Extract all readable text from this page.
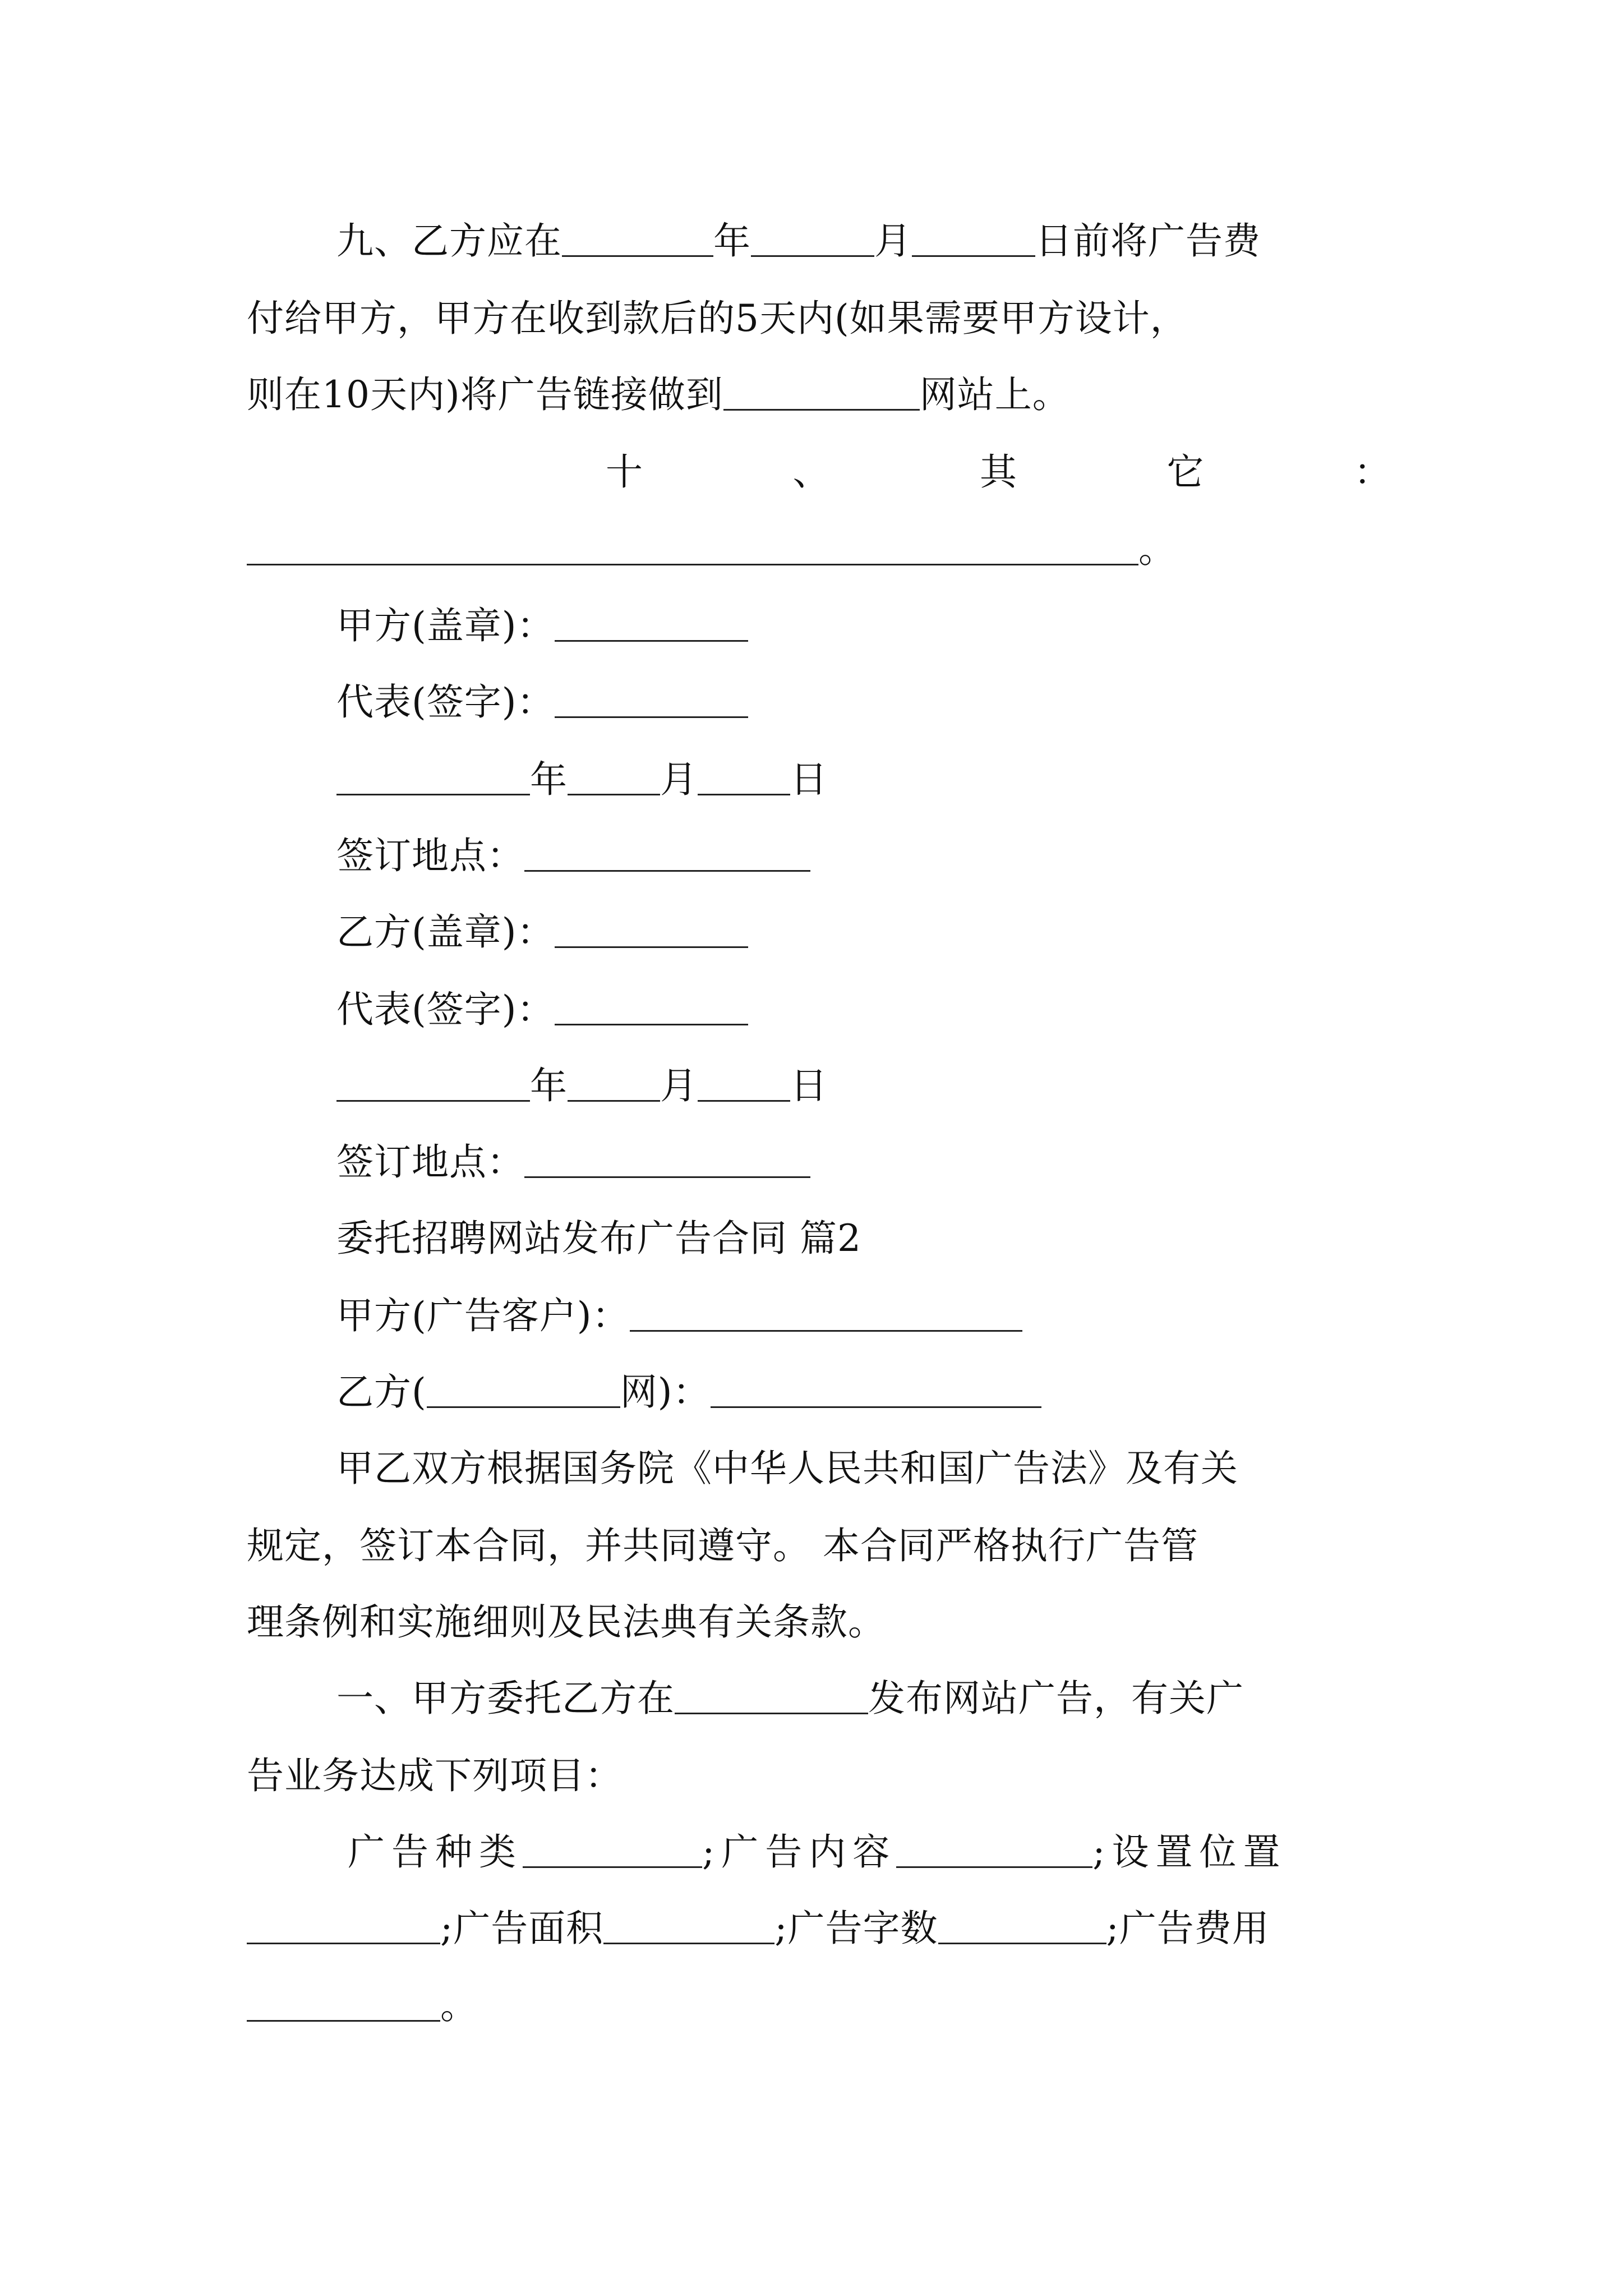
九、乙方应在	年	月	日前将广告费
付给甲方，甲方在收到款后的5天内(如果需要甲方设计，
则在10天内)将广告链接做到	网站上。
十	、	其	它	：
。
甲方(盖章)：
代表(签字)：
年	月	日
签订地点：
乙方(盖章)：
代表(签字)：
年	月	日
签订地点：
委托招聘网站发布广告合同 篇2
甲方(广告客户)：
乙方(	网)：
甲乙双方根据国务院《中华人民共和国广告法》及有关
规定，签订本合同，并共同遵守。 本合同严格执行广告管
理条例和实施细则及民法典有关条款。
一、甲方委托乙方在	发布网站广告，有关广
告业务达成下列项目：
广告种类	;广告内容	;设置位置
;广告面积	;广告字数	;广告费用
。
